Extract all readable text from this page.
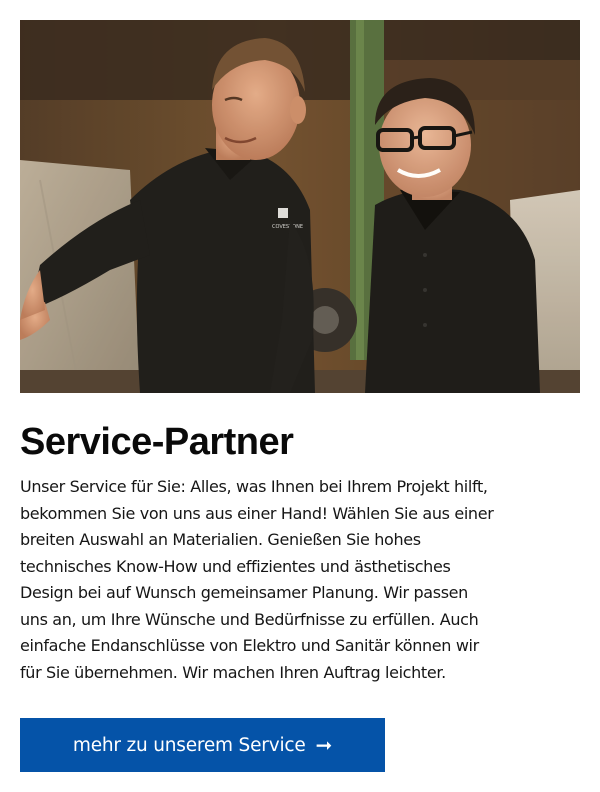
COVESTONE
Service-Partner

Unser Service für Sie: Alles, was Ihnen bei Ihrem Projekt hilft,
bekommen Sie von uns aus einer Hand! Wählen Sie aus einer
breiten Auswahl an Materialien. Genießen Sie hohes
technisches Know-How und effizientes und ästhetisches
Design bei auf Wunsch gemeinsamer Planung. Wir passen
uns an, um Ihre Wünsche und Bedürfnisse zu erfüllen. Auch
einfache Endanschlüsse von Elektro und Sanitär können wir
für Sie übernehmen. Wir machen Ihren Auftrag leichter.

mehr zu unserem Service ➞
